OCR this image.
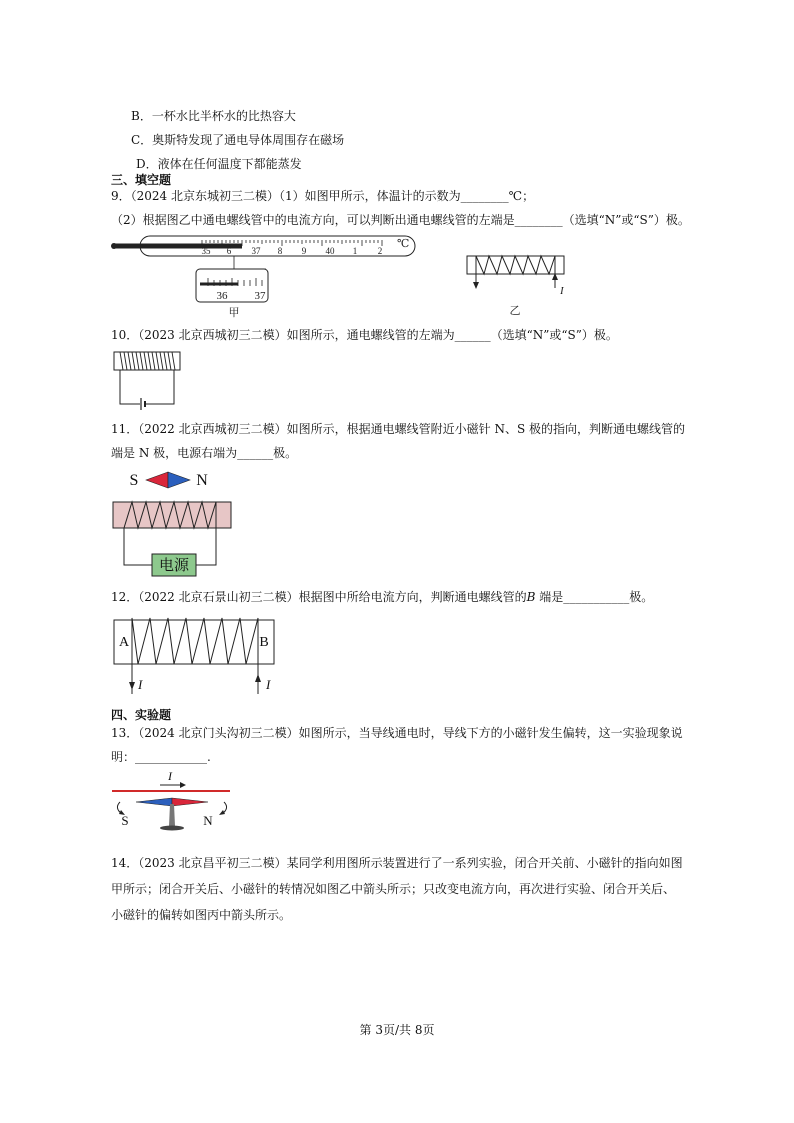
B．一杯水比半杯水的比热容大
C．奥斯特发现了通电导体周围存在磁场
D．液体在任何温度下都能蒸发
三、填空题
9．（2024 北京东城初三二模）（1）如图甲所示，体温计的示数为________℃；
（2）根据图乙中通电螺线管中的电流方向，可以判断出通电螺线管的左端是________（选填“N”或“S”）极。
35 6 37 8 9 40 1 2
℃
36 37
甲
I
乙
10．（2023 北京西城初三二模）如图所示，通电螺线管的左端为______（选填“N”或“S”）极。
11．（2022 北京西城初三二模）如图所示，根据通电螺线管附近小磁针 N、S 极的指向，判断通电螺线管的
端是 N 极，电源右端为______极。
S	N
电源
12．（2022 北京石景山初三二模）根据图中所给电流方向，判断通电螺线管的B 端是___________极。
A	B
I	I
四、实验题
13．（2024 北京门头沟初三二模）如图所示，当导线通电时，导线下方的小磁针发生偏转，这一实验现象说
明：____________.
I
S	N
14．（2023 北京昌平初三二模）某同学利用图所示装置进行了一系列实验，闭合开关前、小磁针的指向如图
甲所示；闭合开关后、小磁针的转情况如图乙中箭头所示；只改变电流方向，再次进行实验、闭合开关后、
小磁针的偏转如图丙中箭头所示。
第 3页/共 8页
